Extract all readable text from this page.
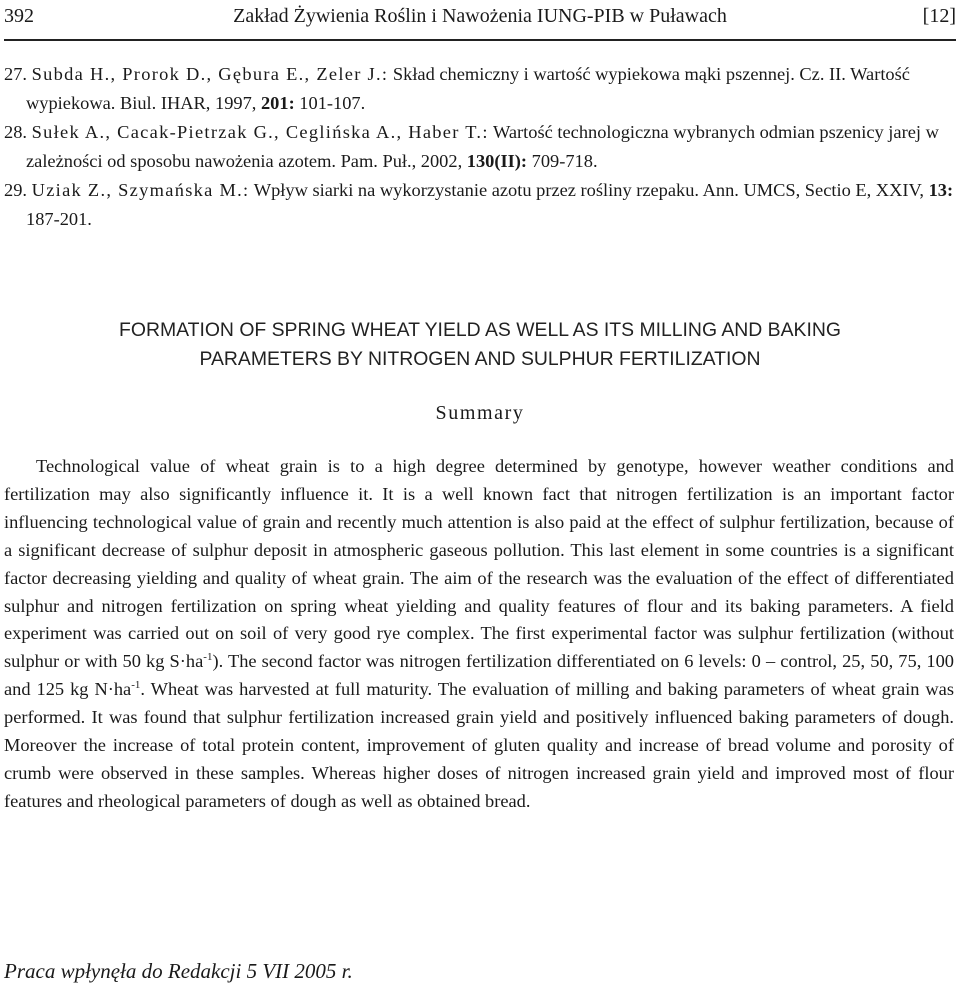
392	Zakład Żywienia Roślin i Nawożenia IUNG-PIB w Puławach	[12]

27. Subda H., Prorok D., Gębura E., Zeler J.: Skład chemiczny i wartość wypiekowa mąki pszennej. Cz. II. Wartość wypiekowa. Biul. IHAR, 1997, 201: 101-107.

28. Sułek A., Cacak-Pietrzak G., Ceglińska A., Haber T.: Wartość technologiczna wybranych odmian pszenicy jarej w zależności od sposobu nawożenia azotem. Pam. Puł., 2002, 130(II): 709-718.

29. Uziak Z., Szymańska M.: Wpływ siarki na wykorzystanie azotu przez rośliny rzepaku. Ann. UMCS, Sectio E, XXIV, 13: 187-201.

FORMATION OF SPRING WHEAT YIELD AS WELL AS ITS MILLING AND BAKING
PARAMETERS BY NITROGEN AND SULPHUR FERTILIZATION
Summary

Technological value of wheat grain is to a high degree determined by genotype, however weather conditions and fertilization may also significantly influence it. It is a well known fact that nitrogen fertilization is an important factor influencing technological value of grain and recently much attention is also paid at the effect of sulphur fertilization, because of a significant decrease of sulphur deposit in atmospheric gaseous pollution. This last element in some countries is a significant factor decreasing yielding and quality of wheat grain. The aim of the research was the evaluation of the effect of differentiated sulphur and nitrogen fertilization on spring wheat yielding and quality features of flour and its baking parameters. A field experiment was carried out on soil of very good rye complex. The first experimental factor was sulphur fertilization (without sulphur or with 50 kg $S\cdot ha^{-1}$). The second factor was nitrogen fertilization differentiated on 6 levels: 0 – control, 25, 50, 75, 100 and 125 kg $N\cdot ha^{-1}$. Wheat was harvested at full maturity. The evaluation of milling and baking parameters of wheat grain was performed. It was found that sulphur fertilization increased grain yield and positively influenced baking parameters of dough. Moreover the increase of total protein content, improvement of gluten quality and increase of bread volume and porosity of crumb were observed in these samples. Whereas higher doses of nitrogen increased grain yield and improved most of flour features and rheological parameters of dough as well as obtained bread.

Praca wpłynęła do Redakcji 5 VII 2005 r.
